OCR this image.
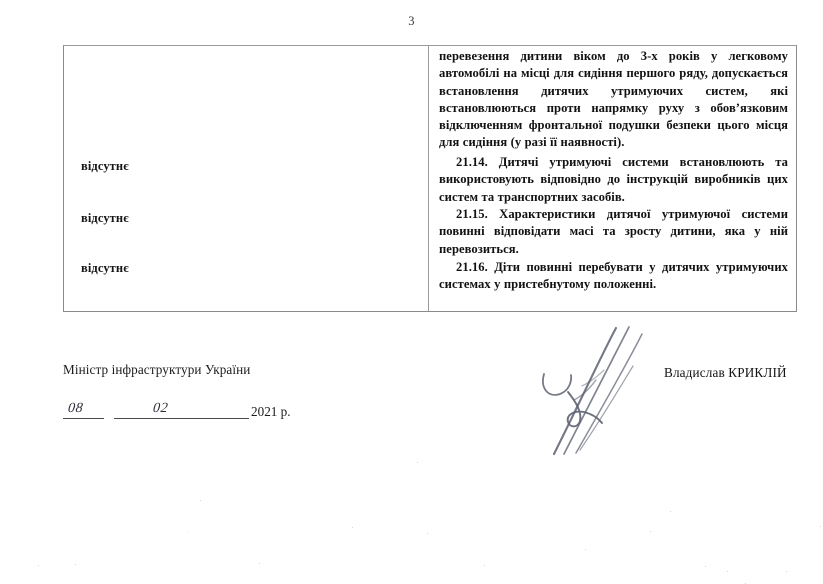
3
відсутнє
відсутнє
відсутнє
перевезення дитини віком до 3-х років у легковому автомобілі на місці для сидіння першого ряду, допускається встановлення дитячих утримуючих систем, які встановлюються проти напрямку руху з обов’язковим відключенням фронтальної подушки безпеки цього місця для сидіння (у разі її наявності).
21.14. Дитячі утримуючі системи встановлюють та використовують відповідно до інструкцій виробників цих систем та транспортних засобів.
21.15. Характеристики дитячої утримуючої системи повинні відповідати масі та зросту дитини, яка у ній перевозиться.
21.16. Діти повинні перебувати у дитячих утримуючих системах у пристебнутому положенні.
Міністр інфраструктури України	Владислав КРИКЛІЙ
08	02	2021 р.
